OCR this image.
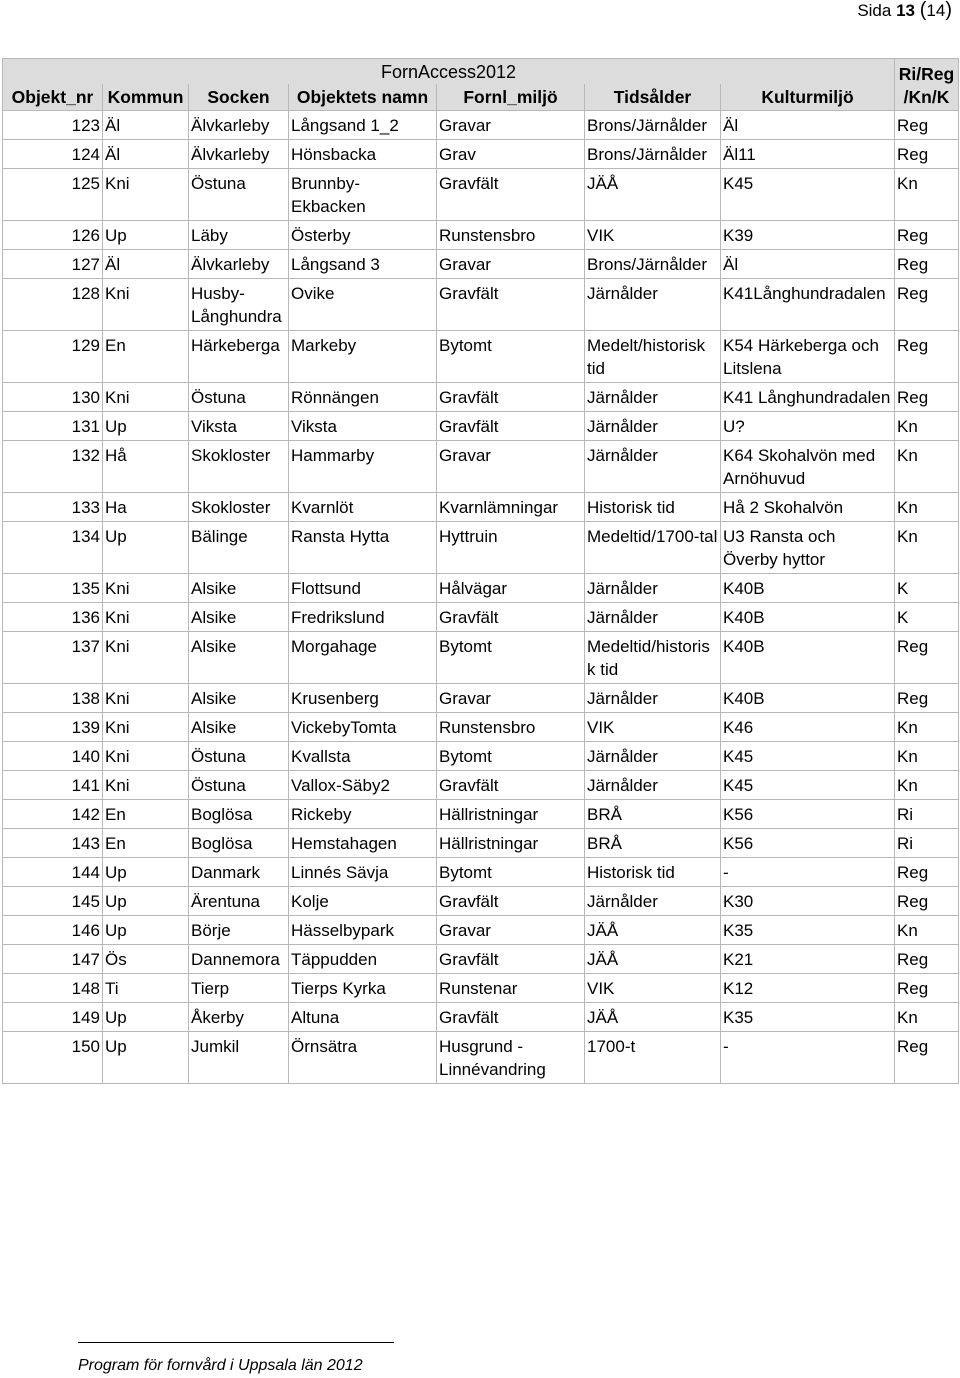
Sida 13 (14)
FornAccess2012							Ri/Reg /Kn/K
Objekt_nr	Kommun	Socken	Objektets namn	Fornl_miljö	Tidsålder	Kulturmiljö	
123	Äl	Älvkarleby	Långsand 1_2	Gravar	Brons/Järnålder	Äl	Reg
124	Äl	Älvkarleby	Hönsbacka	Grav	Brons/Järnålder	Äl11	Reg
125	Kni	Östuna	Brunnby-Ekbacken	Gravfält	JÄÅ	K45	Kn
126	Up	Läby	Österby	Runstensbro	VIK	K39	Reg
127	Äl	Älvkarleby	Långsand 3	Gravar	Brons/Järnålder	Äl	Reg
128	Kni	Husby-Långhundra	Ovike	Gravfält	Järnålder	K41Långhundradalen	Reg
129	En	Härkeberga	Markeby	Bytomt	Medelt/historisk tid	K54 Härkeberga och Litslena	Reg
130	Kni	Östuna	Rönnängen	Gravfält	Järnålder	K41 Långhundradalen	Reg
131	Up	Viksta	Viksta	Gravfält	Järnålder	U?	Kn
132	Hå	Skokloster	Hammarby	Gravar	Järnålder	K64 Skohalvön med Arnöhuvud	Kn
133	Ha	Skokloster	Kvarnlöt	Kvarnlämningar	Historisk tid	Hå 2 Skohalvön	Kn
134	Up	Bälinge	Ransta Hytta	Hyttruin	Medeltid/1700-tal	U3 Ransta och Överby hyttor	Kn
135	Kni	Alsike	Flottsund	Hålvägar	Järnålder	K40B	K
136	Kni	Alsike	Fredrikslund	Gravfält	Järnålder	K40B	K
137	Kni	Alsike	Morgahage	Bytomt	Medeltid/historisk tid	K40B	Reg
138	Kni	Alsike	Krusenberg	Gravar	Järnålder	K40B	Reg
139	Kni	Alsike	VickebyTomta	Runstensbro	VIK	K46	Kn
140	Kni	Östuna	Kvallsta	Bytomt	Järnålder	K45	Kn
141	Kni	Östuna	Vallox-Säby2	Gravfält	Järnålder	K45	Kn
142	En	Boglösa	Rickeby	Hällristningar	BRÅ	K56	Ri
143	En	Boglösa	Hemstahagen	Hällristningar	BRÅ	K56	Ri
144	Up	Danmark	Linnés Sävja	Bytomt	Historisk tid	-	Reg
145	Up	Ärentuna	Kolje	Gravfält	Järnålder	K30	Reg
146	Up	Börje	Hässelbypark	Gravar	JÄÅ	K35	Kn
147	Ös	Dannemora	Täppudden	Gravfält	JÄÅ	K21	Reg
148	Ti	Tierp	Tierps Kyrka	Runstenar	VIK	K12	Reg
149	Up	Åkerby	Altuna	Gravfält	JÄÅ	K35	Kn
150	Up	Jumkil	Örnsätra	Husgrund - Linnévandring	1700-t	-	Reg
Program för fornvård i Uppsala län 2012
